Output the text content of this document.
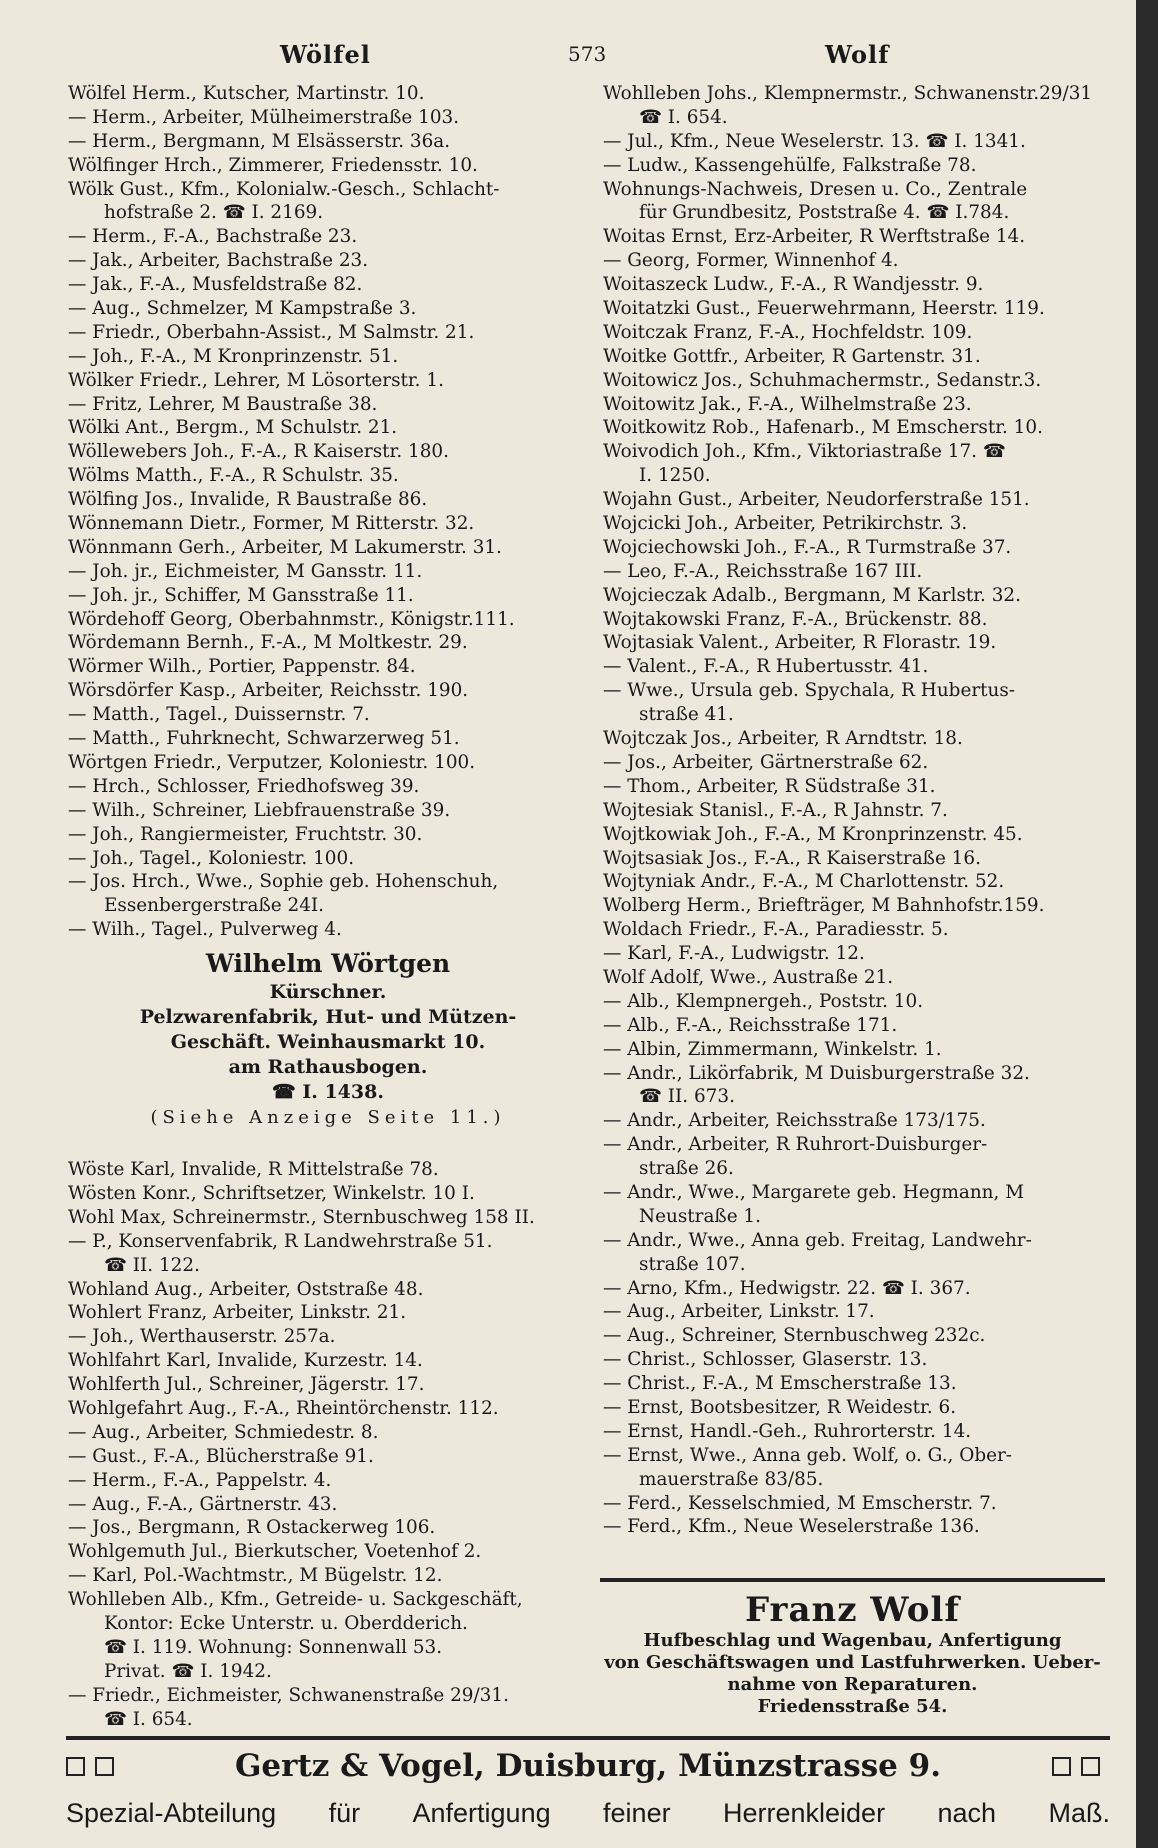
Wölfel	573	Wolf
Wölfel Herm., Kutscher, Martinstr. 10.
— Herm., Arbeiter, Mülheimerstraße 103.
— Herm., Bergmann, M Elsässerstr. 36a.
Wölfinger Hrch., Zimmerer, Friedensstr. 10.
Wölk Gust., Kfm., Kolonialw.-Gesch., Schlacht-
hofstraße 2. ☎ I. 2169.
— Herm., F.-A., Bachstraße 23.
— Jak., Arbeiter, Bachstraße 23.
— Jak., F.-A., Musfeldstraße 82.
— Aug., Schmelzer, M Kampstraße 3.
— Friedr., Oberbahn-Assist., M Salmstr. 21.
— Joh., F.-A., M Kronprinzenstr. 51.
Wölker Friedr., Lehrer, M Lösorterstr. 1.
— Fritz, Lehrer, M Baustraße 38.
Wölki Ant., Bergm., M Schulstr. 21.
Wöllewebers Joh., F.-A., R Kaiserstr. 180.
Wölms Matth., F.-A., R Schulstr. 35.
Wölfing Jos., Invalide, R Baustraße 86.
Wönnemann Dietr., Former, M Ritterstr. 32.
Wönnmann Gerh., Arbeiter, M Lakumerstr. 31.
— Joh. jr., Eichmeister, M Gansstr. 11.
— Joh. jr., Schiffer, M Gansstraße 11.
Wördehoff Georg, Oberbahnmstr., Königstr.111.
Wördemann Bernh., F.-A., M Moltkestr. 29.
Wörmer Wilh., Portier, Pappenstr. 84.
Wörsdörfer Kasp., Arbeiter, Reichsstr. 190.
— Matth., Tagel., Duissernstr. 7.
— Matth., Fuhrknecht, Schwarzerweg 51.
Wörtgen Friedr., Verputzer, Koloniestr. 100.
— Hrch., Schlosser, Friedhofsweg 39.
— Wilh., Schreiner, Liebfrauenstraße 39.
— Joh., Rangiermeister, Fruchtstr. 30.
— Joh., Tagel., Koloniestr. 100.
— Jos. Hrch., Wwe., Sophie geb. Hohenschuh,
Essenbergerstraße 24I.
— Wilh., Tagel., Pulverweg 4.
Wilhelm Wörtgen
Kürschner.
Pelzwarenfabrik, Hut- und Mützen-
Geschäft. Weinhausmarkt 10.
am Rathausbogen.
☎ I. 1438.
(Siehe Anzeige Seite 11.)
Wöste Karl, Invalide, R Mittelstraße 78.
Wösten Konr., Schriftsetzer, Winkelstr. 10 I.
Wohl Max, Schreinermstr., Sternbuschweg 158 II.
— P., Konservenfabrik, R Landwehrstraße 51.
☎ II. 122.
Wohland Aug., Arbeiter, Oststraße 48.
Wohlert Franz, Arbeiter, Linkstr. 21.
— Joh., Werthauserstr. 257a.
Wohlfahrt Karl, Invalide, Kurzestr. 14.
Wohlferth Jul., Schreiner, Jägerstr. 17.
Wohlgefahrt Aug., F.-A., Rheintörchenstr. 112.
— Aug., Arbeiter, Schmiedestr. 8.
— Gust., F.-A., Blücherstraße 91.
— Herm., F.-A., Pappelstr. 4.
— Aug., F.-A., Gärtnerstr. 43.
— Jos., Bergmann, R Ostackerweg 106.
Wohlgemuth Jul., Bierkutscher, Voetenhof 2.
— Karl, Pol.-Wachtmstr., M Bügelstr. 12.
Wohlleben Alb., Kfm., Getreide- u. Sackgeschäft,
Kontor: Ecke Unterstr. u. Oberdderich.
☎ I. 119. Wohnung: Sonnenwall 53.
Privat. ☎ I. 1942.
— Friedr., Eichmeister, Schwanenstraße 29/31.
☎ I. 654.
Wohlleben Johs., Klempnermstr., Schwanenstr.29/31
☎ I. 654.
— Jul., Kfm., Neue Weselerstr. 13. ☎ I. 1341.
— Ludw., Kassengehülfe, Falkstraße 78.
Wohnungs-Nachweis, Dresen u. Co., Zentrale
für Grundbesitz, Poststraße 4. ☎ I.784.
Woitas Ernst, Erz-Arbeiter, R Werftstraße 14.
— Georg, Former, Winnenhof 4.
Woitaszeck Ludw., F.-A., R Wandjesstr. 9.
Woitatzki Gust., Feuerwehrmann, Heerstr. 119.
Woitczak Franz, F.-A., Hochfeldstr. 109.
Woitke Gottfr., Arbeiter, R Gartenstr. 31.
Woitowicz Jos., Schuhmachermstr., Sedanstr.3.
Woitowitz Jak., F.-A., Wilhelmstraße 23.
Woitkowitz Rob., Hafenarb., M Emscherstr. 10.
Woivodich Joh., Kfm., Viktoriastraße 17. ☎
I. 1250.
Wojahn Gust., Arbeiter, Neudorferstraße 151.
Wojcicki Joh., Arbeiter, Petrikirchstr. 3.
Wojciechowski Joh., F.-A., R Turmstraße 37.
— Leo, F.-A., Reichsstraße 167 III.
Wojcieczak Adalb., Bergmann, M Karlstr. 32.
Wojtakowski Franz, F.-A., Brückenstr. 88.
Wojtasiak Valent., Arbeiter, R Florastr. 19.
— Valent., F.-A., R Hubertusstr. 41.
— Wwe., Ursula geb. Spychala, R Hubertus-
straße 41.
Wojtczak Jos., Arbeiter, R Arndtstr. 18.
— Jos., Arbeiter, Gärtnerstraße 62.
— Thom., Arbeiter, R Südstraße 31.
Wojtesiak Stanisl., F.-A., R Jahnstr. 7.
Wojtkowiak Joh., F.-A., M Kronprinzenstr. 45.
Wojtsasiak Jos., F.-A., R Kaiserstraße 16.
Wojtyniak Andr., F.-A., M Charlottenstr. 52.
Wolberg Herm., Briefträger, M Bahnhofstr.159.
Woldach Friedr., F.-A., Paradiesstr. 5.
— Karl, F.-A., Ludwigstr. 12.
Wolf Adolf, Wwe., Austraße 21.
— Alb., Klempnergeh., Poststr. 10.
— Alb., F.-A., Reichsstraße 171.
— Albin, Zimmermann, Winkelstr. 1.
— Andr., Likörfabrik, M Duisburgerstraße 32.
☎ II. 673.
— Andr., Arbeiter, Reichsstraße 173/175.
— Andr., Arbeiter, R Ruhrort-Duisburger-
straße 26.
— Andr., Wwe., Margarete geb. Hegmann, M
Neustraße 1.
— Andr., Wwe., Anna geb. Freitag, Landwehr-
straße 107.
— Arno, Kfm., Hedwigstr. 22. ☎ I. 367.
— Aug., Arbeiter, Linkstr. 17.
— Aug., Schreiner, Sternbuschweg 232c.
— Christ., Schlosser, Glaserstr. 13.
— Christ., F.-A., M Emscherstraße 13.
— Ernst, Bootsbesitzer, R Weidestr. 6.
— Ernst, Handl.-Geh., Ruhrorterstr. 14.
— Ernst, Wwe., Anna geb. Wolf, o. G., Ober-
mauerstraße 83/85.
— Ferd., Kesselschmied, M Emscherstr. 7.
— Ferd., Kfm., Neue Weselerstraße 136.
Franz Wolf
Hufbeschlag und Wagenbau, Anfertigung
von Geschäftswagen und Lastfuhrwerken. Ueber-
nahme von Reparaturen.
Friedensstraße 54.
Gertz & Vogel, Duisburg, Münzstrasse 9.
Spezial-Abteilung für Anfertigung feiner Herrenkleider nach Maß.
